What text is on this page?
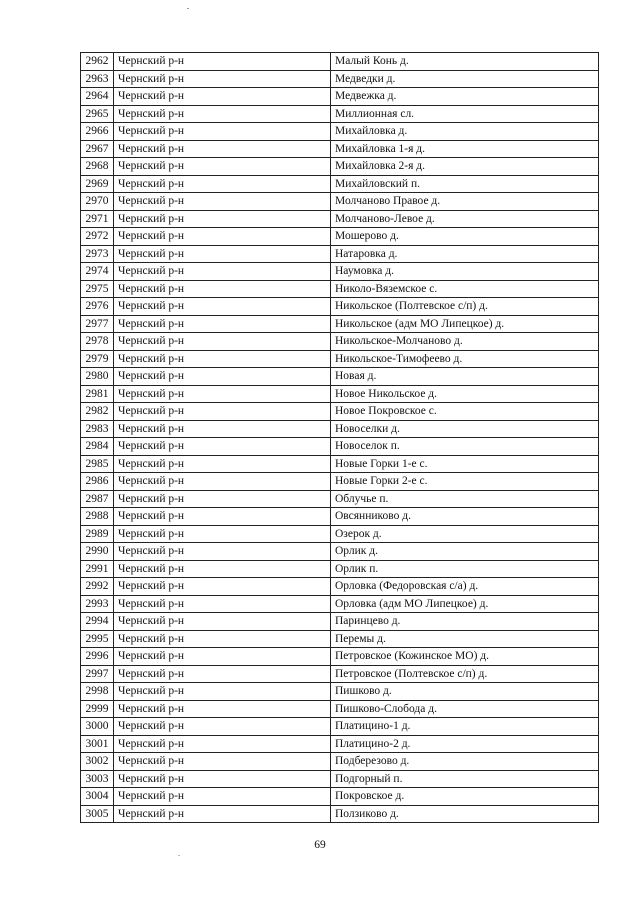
2962	Чернский р-н	Малый Конь д.
2963	Чернский р-н	Медведки д.
2964	Чернский р-н	Медвежка д.
2965	Чернский р-н	Миллионная сл.
2966	Чернский р-н	Михайловка д.
2967	Чернский р-н	Михайловка 1-я д.
2968	Чернский р-н	Михайловка 2-я д.
2969	Чернский р-н	Михайловский п.
2970	Чернский р-н	Молчаново Правое д.
2971	Чернский р-н	Молчаново-Левое д.
2972	Чернский р-н	Мошерово д.
2973	Чернский р-н	Натаровка д.
2974	Чернский р-н	Наумовка д.
2975	Чернский р-н	Николо-Вяземское с.
2976	Чернский р-н	Никольское (Полтевское с/п) д.
2977	Чернский р-н	Никольское (адм МО Липецкое) д.
2978	Чернский р-н	Никольское-Молчаново д.
2979	Чернский р-н	Никольское-Тимофеево д.
2980	Чернский р-н	Новая д.
2981	Чернский р-н	Новое Никольское д.
2982	Чернский р-н	Новое Покровское с.
2983	Чернский р-н	Новоселки д.
2984	Чернский р-н	Новоселок п.
2985	Чернский р-н	Новые Горки 1-е с.
2986	Чернский р-н	Новые Горки 2-е с.
2987	Чернский р-н	Облучье п.
2988	Чернский р-н	Овсянниково д.
2989	Чернский р-н	Озерок д.
2990	Чернский р-н	Орлик д.
2991	Чернский р-н	Орлик п.
2992	Чернский р-н	Орловка (Федоровская с/а) д.
2993	Чернский р-н	Орловка (адм МО Липецкое) д.
2994	Чернский р-н	Паринцево д.
2995	Чернский р-н	Перемы д.
2996	Чернский р-н	Петровское (Кожинское МО) д.
2997	Чернский р-н	Петровское (Полтевское с/п) д.
2998	Чернский р-н	Пишково д.
2999	Чернский р-н	Пишково-Слобода д.
3000	Чернский р-н	Платицино-1 д.
3001	Чернский р-н	Платицино-2 д.
3002	Чернский р-н	Подберезово д.
3003	Чернский р-н	Подгорный п.
3004	Чернский р-н	Покровское д.
3005	Чернский р-н	Ползиково д.
69
